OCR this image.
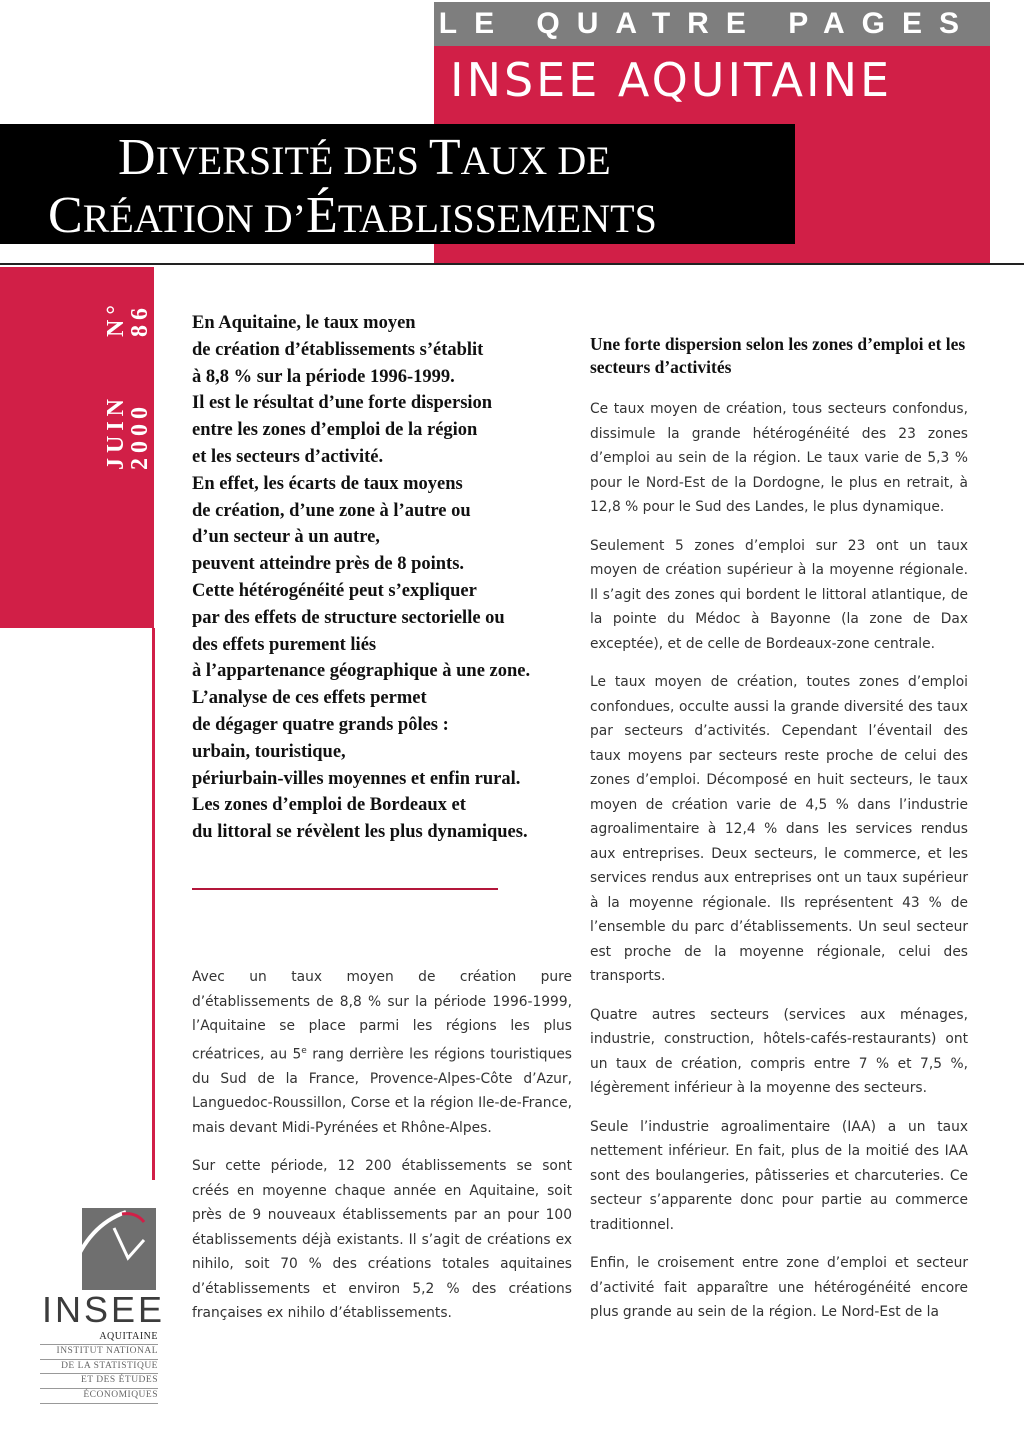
LE QUATRE PAGES
INSEE AQUITAINE
DIVERSITÉ DES TAUX DE
CRÉATION D’ÉTABLISSEMENTS
JUIN 2000
N° 86 En Aquitaine, le taux moyen
de création d’établissements s’établit
à 8,8 % sur la période 1996-1999.
Il est le résultat d’une forte dispersion
entre les zones d’emploi de la région
et les secteurs d’activité.
En effet, les écarts de taux moyens
de création, d’une zone à l’autre ou
d’un secteur à un autre,
peuvent atteindre près de 8 points.
Cette hétérogénéité peut s’expliquer
par des effets de structure sectorielle ou
des effets purement liés
à l’appartenance géographique à une zone.
L’analyse de ces effets permet
de dégager quatre grands pôles :
urbain, touristique,
périurbain-villes moyennes et enfin rural.
Les zones d’emploi de Bordeaux et
du littoral se révèlent les plus dynamiques.

Avec un taux moyen de création pure d’établissements de 8,8 % sur la période 1996-1999, l’Aquitaine se place parmi les régions les plus créatrices, au 5e rang derrière les régions touristiques du Sud de la France, Provence-Alpes-Côte d’Azur, Languedoc-Roussillon, Corse et la région Ile-de-France, mais devant Midi-Pyrénées et Rhône-Alpes.

Sur cette période, 12 200 établissements se sont créés en moyenne chaque année en Aquitaine, soit près de 9 nouveaux établissements par an pour 100 établissements déjà existants. Il s’agit de créations ex nihilo, soit 70 % des créations totales aquitaines d’établissements et environ 5,2 % des créations françaises ex nihilo d’établissements.

Une forte dispersion selon les zones d’emploi et les secteurs d’activités

Ce taux moyen de création, tous secteurs confondus, dissimule la grande hétérogénéité des 23 zones d’emploi au sein de la région. Le taux varie de 5,3 % pour le Nord-Est de la Dordogne, le plus en retrait, à 12,8 % pour le Sud des Landes, le plus dynamique.

Seulement 5 zones d’emploi sur 23 ont un taux moyen de création supérieur à la moyenne régionale. Il s’agit des zones qui bordent le littoral atlantique, de la pointe du Médoc à Bayonne (la zone de Dax exceptée), et de celle de Bordeaux-zone centrale.

Le taux moyen de création, toutes zones d’emploi confondues, occulte aussi la grande diversité des taux par secteurs d’activités. Cependant l’éventail des taux moyens par secteurs reste proche de celui des zones d’emploi. Décomposé en huit secteurs, le taux moyen de création varie de 4,5 % dans l’industrie agroalimentaire à 12,4 % dans les services rendus aux entreprises. Deux secteurs, le commerce, et les services rendus aux entreprises ont un taux supérieur à la moyenne régionale. Ils représentent 43 % de l’ensemble du parc d’établissements. Un seul secteur est proche de la moyenne régionale, celui des transports.

Quatre autres secteurs (services aux ménages, industrie, construction, hôtels-cafés-restaurants) ont un taux de création, compris entre 7 % et 7,5 %, légèrement inférieur à la moyenne des secteurs.

Seule l’industrie agroalimentaire (IAA) a un taux nettement inférieur. En fait, plus de la moitié des IAA sont des boulangeries, pâtisseries et charcuteries. Ce secteur s’apparente donc pour partie au commerce traditionnel.

Enfin, le croisement entre zone d’emploi et secteur d’activité fait apparaître une hétérogénéité encore plus grande au sein de la région. Le Nord-Est de la

INSEE
AQUITAINE
INSTITUT NATIONAL
DE LA STATISTIQUE
ET DES ÉTUDES
ÉCONOMIQUES
